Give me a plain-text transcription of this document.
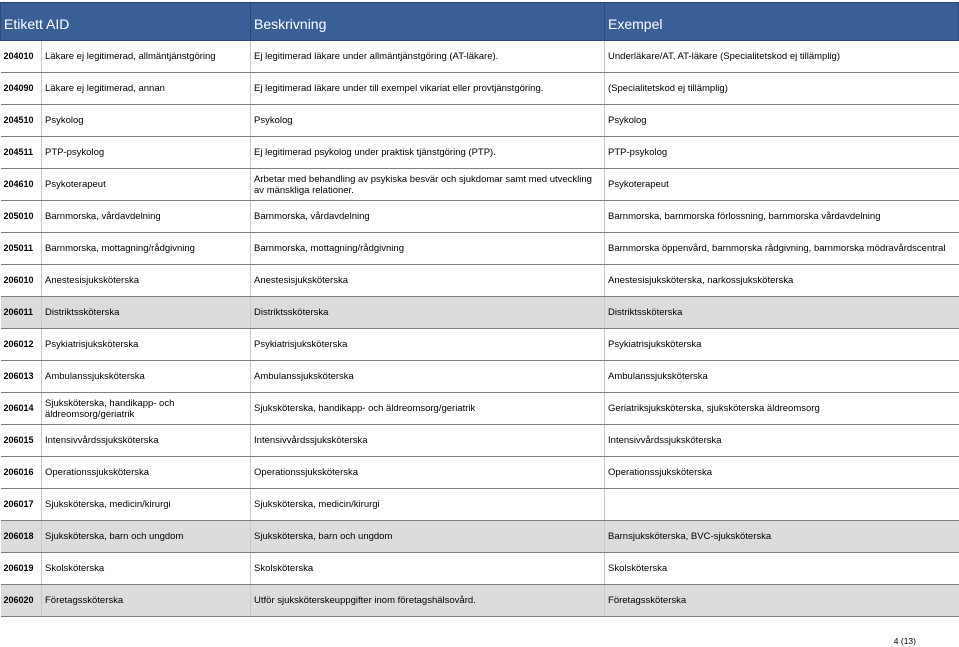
Etikett AID		Beskrivning	Exempel
204010	Läkare ej legitimerad, allmäntjänstgöring	Ej legitimerad läkare under allmäntjänstgöring (AT-läkare).	Underläkare/AT, AT-läkare (Specialitetskod ej tillämplig)
204090	Läkare ej legitimerad, annan	Ej legitimerad läkare under till exempel vikariat eller provtjänstgöring.	(Specialitetskod ej tillämplig)
204510	Psykolog	Psykolog	Psykolog
204511	PTP-psykolog	Ej legitimerad psykolog under praktisk tjänstgöring (PTP).	PTP-psykolog
204610	Psykoterapeut	Arbetar med behandling av psykiska besvär och sjukdomar samt med utveckling av mänskliga relationer.	Psykoterapeut
205010	Barnmorska, vårdavdelning	Barnmorska, vårdavdelning	Barnmorska, barnmorska förlossning, barnmorska vårdavdelning
205011	Barnmorska, mottagning/rådgivning	Barnmorska, mottagning/rådgivning	Barnmorska öppenvård, barnmorska rådgivning, barnmorska mödravårdscentral
206010	Anestesisjuksköterska	Anestesisjuksköterska	Anestesisjuksköterska, narkossjuksköterska
206011	Distriktssköterska	Distriktssköterska	Distriktssköterska
206012	Psykiatrisjuksköterska	Psykiatrisjuksköterska	Psykiatrisjuksköterska
206013	Ambulanssjuksköterska	Ambulanssjuksköterska	Ambulanssjuksköterska
206014	Sjuksköterska, handikapp- och äldreomsorg/geriatrik	Sjuksköterska, handikapp- och äldreomsorg/geriatrik	Geriatriksjuksköterska, sjuksköterska äldreomsorg
206015	Intensivvårdssjuksköterska	Intensivvårdssjuksköterska	Intensivvårdssjuksköterska
206016	Operationssjuksköterska	Operationssjuksköterska	Operationssjuksköterska
206017	Sjuksköterska, medicin/kirurgi	Sjuksköterska, medicin/kirurgi	
206018	Sjuksköterska, barn och ungdom	Sjuksköterska, barn och ungdom	Barnsjuksköterska, BVC-sjuksköterska
206019	Skolsköterska	Skolsköterska	Skolsköterska
206020	Företagssköterska	Utför sjuksköterskeuppgifter inom företagshälsovård.	Företagssköterska
4 (13)
